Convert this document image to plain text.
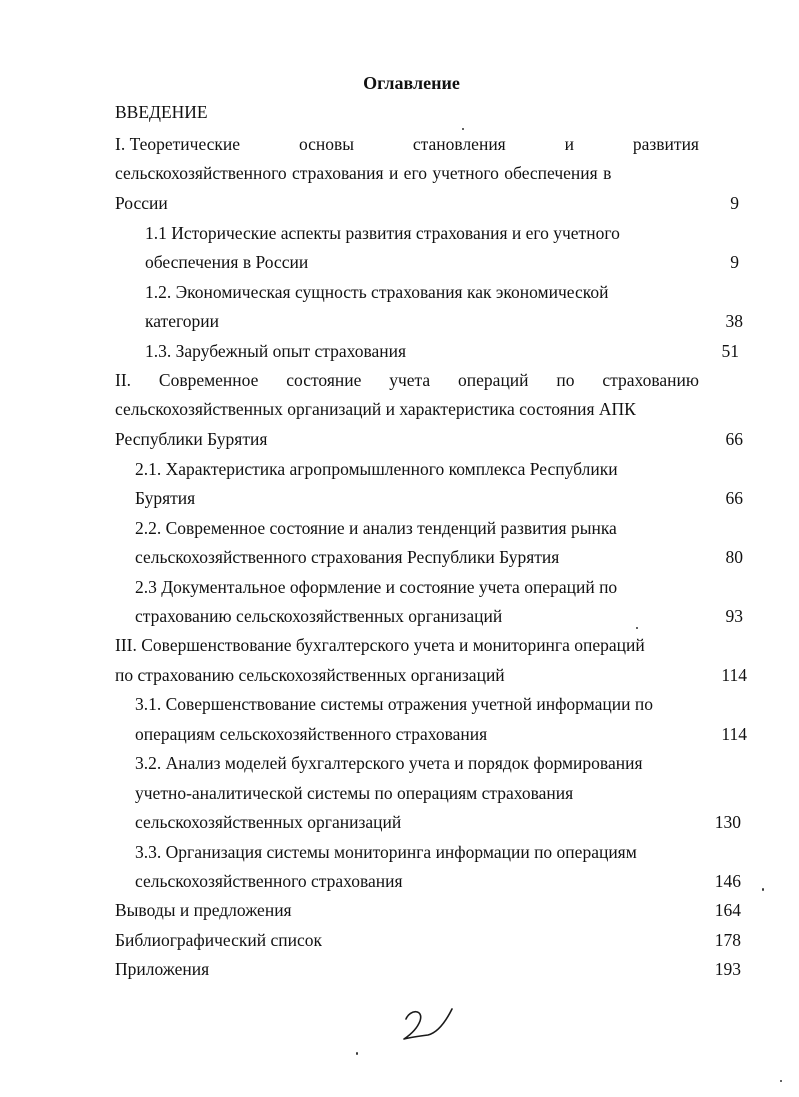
Оглавление
ВВЕДЕНИЕ
I. Теоретические	основы	становления	и	развития
сельскохозяйственного страхования и его учетного обеспечения в
России	9
1.1 Исторические аспекты развития страхования и его учетного
обеспечения в России	9
1.2. Экономическая сущность страхования как экономической
категории	38
1.3. Зарубежный опыт страхования	51
II. Современное состояние учета операций по страхованию
сельскохозяйственных организаций и характеристика состояния АПК
Республики Бурятия	66
2.1. Характеристика агропромышленного комплекса Республики
Бурятия	66
2.2. Современное состояние и анализ тенденций развития рынка
сельскохозяйственного страхования Республики Бурятия	80
2.3 Документальное оформление и состояние учета операций по
страхованию сельскохозяйственных организаций	93
III. Совершенствование бухгалтерского учета и мониторинга операций
по страхованию сельскохозяйственных организаций	114
3.1. Совершенствование системы отражения учетной информации по
операциям сельскохозяйственного страхования	114
3.2. Анализ моделей бухгалтерского учета и порядок формирования
учетно-аналитической системы по операциям страхования
сельскохозяйственных организаций	130
3.3. Организация системы мониторинга информации по операциям
сельскохозяйственного страхования	146
Выводы и предложения	164
Библиографический список	178
Приложения	193
